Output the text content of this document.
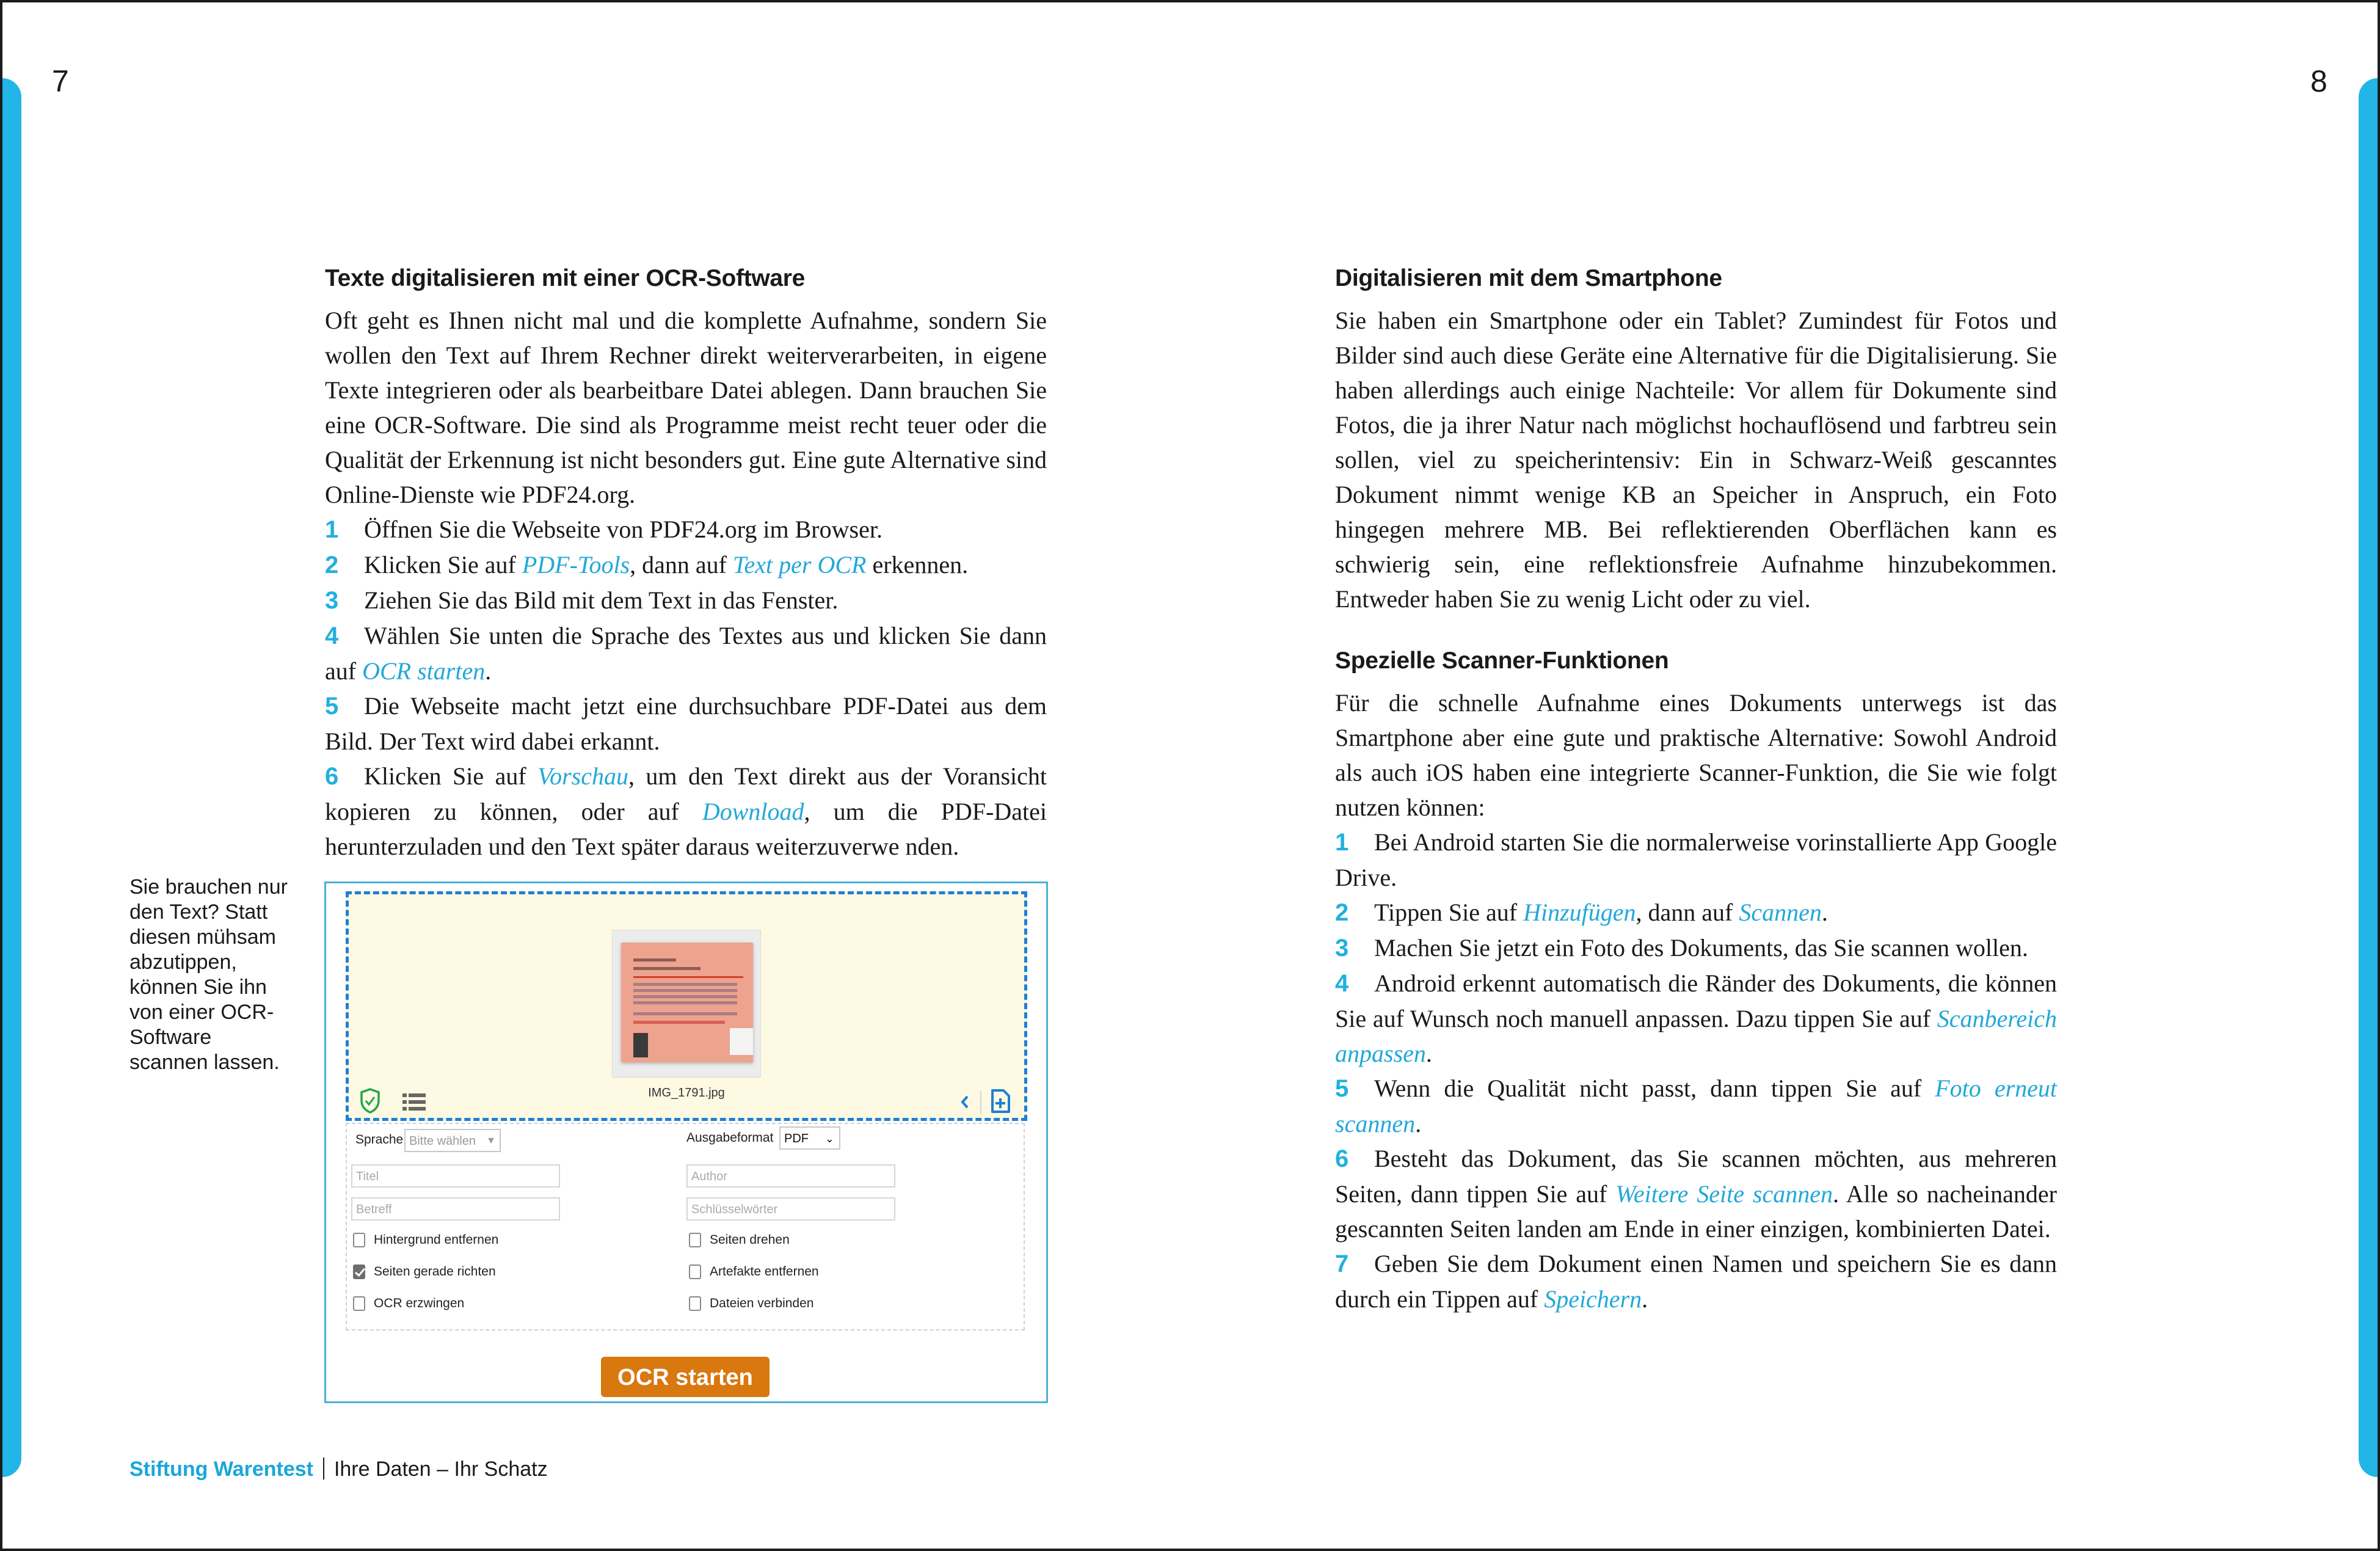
7	8
Texte digitalisieren mit einer OCR-Software

Oft geht es Ihnen nicht mal und die komplette Aufnahme, sondern Sie wollen den Text auf Ihrem Rechner direkt weiterverarbeiten, in eigene Texte integrieren oder als bearbeitbare Datei ablegen. Dann brauchen Sie eine OCR-Software. Die sind als Programme meist recht teuer oder die Qualität der Erkennung ist nicht besonders gut. Eine gute Alternative sind Online-Dienste wie PDF24.org.

1 Öffnen Sie die Webseite von PDF24.org im Browser.
2 Klicken Sie auf PDF-Tools, dann auf Text per OCR erkennen.
3 Ziehen Sie das Bild mit dem Text in das Fenster.
4 Wählen Sie unten die Sprache des Textes aus und klicken Sie dann auf OCR starten.
5 Die Webseite macht jetzt eine durchsuchbare PDF-Datei aus dem Bild. Der Text wird dabei erkannt.
6 Klicken Sie auf Vorschau, um den Text direkt aus der Voransicht kopieren zu können, oder auf Download, um die PDF-Datei herunterzuladen und den Text später daraus weiterzuverwe nden.
Sie brauchen nur den Text? Statt diesen mühsam abzutippen, können Sie ihn von einer OCR-Software scannen lassen.
IMG_1791.jpg
Sprache Bitte wählen ▼	Ausgabeformat PDF ⌄
Titel
Betreff
Author
Schlüsselwörter
Hintergrund entfernen
Seiten gerade richten
OCR erzwingen
Seiten drehen
Artefakte entfernen
Dateien verbinden
OCR starten
Digitalisieren mit dem Smartphone

Sie haben ein Smartphone oder ein Tablet? Zumindest für Fotos und Bilder sind auch diese Geräte eine Alternative für die Digitalisierung. Sie haben allerdings auch einige Nachteile: Vor allem für Dokumente sind Fotos, die ja ihrer Natur nach möglichst hochauflösend und farbtreu sein sollen, viel zu speicherintensiv: Ein in Schwarz-Weiß gescanntes Dokument nimmt wenige KB an Speicher in Anspruch, ein Foto hingegen mehrere MB. Bei reflektierenden Oberflächen kann es schwierig sein, eine reflektionsfreie Aufnahme hinzubekommen. Entweder haben Sie zu wenig Licht oder zu viel.

Spezielle Scanner-Funktionen

Für die schnelle Aufnahme eines Dokuments unterwegs ist das Smartphone aber eine gute und praktische Alternative: Sowohl Android als auch iOS haben eine integrierte Scanner-Funktion, die Sie wie folgt nutzen können:

1 Bei Android starten Sie die normalerweise vorinstallierte App Google Drive.
2 Tippen Sie auf Hinzufügen, dann auf Scannen.
3 Machen Sie jetzt ein Foto des Dokuments, das Sie scannen wollen.
4 Android erkennt automatisch die Ränder des Dokuments, die können Sie auf Wunsch noch manuell anpassen. Dazu tippen Sie auf Scanbereich anpassen.
5 Wenn die Qualität nicht passt, dann tippen Sie auf Foto erneut scannen.
6 Besteht das Dokument, das Sie scannen möchten, aus mehreren Seiten, dann tippen Sie auf Weitere Seite scannen. Alle so nacheinander gescannten Seiten landen am Ende in einer einzigen, kombinierten Datei.
7 Geben Sie dem Dokument einen Namen und speichern Sie es dann durch ein Tippen auf Speichern.
Stiftung Warentest Ihre Daten – Ihr Schatz
